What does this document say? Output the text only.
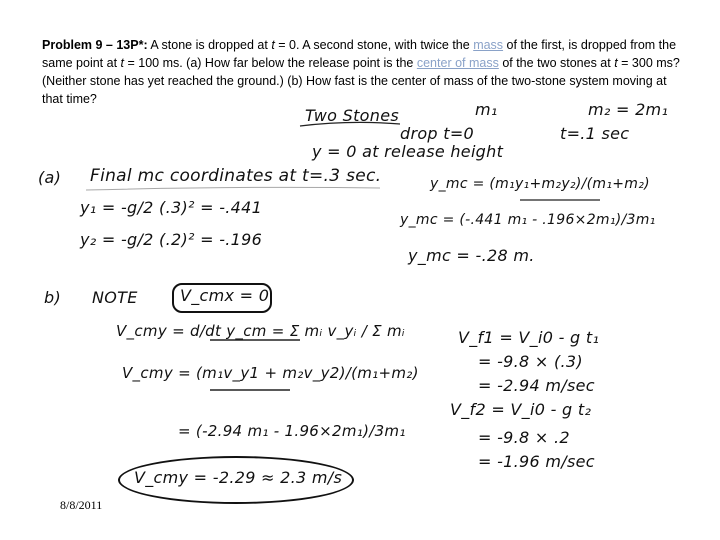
Problem 9 – 13P*: A stone is dropped at t = 0. A second stone, with twice the mass of the first, is dropped from the same point at t = 100 ms. (a) How far below the release point is the center of mass of the two stones at t = 300 ms? (Neither stone has yet reached the ground.) (b) How fast is the center of mass of the two-stone system moving at that time?
Two Stones	m₁	m₂ = 2m₁
drop t=0	t=.1 sec
y = 0 at release height
(a) Final mc coordinates at t=.3 sec.
y₁ = -g/2 (.3)² = -.441
y₂ = -g/2 (.2)² = -.196
y_mc = (m₁y₁+m₂y₂)/(m₁+m₂)
y_mc = (-.441 m₁ - .196×2m₁)/3m₁
y_mc = -.28 m.
b) NOTE	V_cmx = 0
V_cmy = d/dt y_cm = Σ mᵢ v_yᵢ / Σ mᵢ
V_cmy = (m₁v_y1 + m₂v_y2)/(m₁+m₂)
= (-2.94 m₁ - 1.96×2m₁)/3m₁
V_cmy = -2.29 ≈ 2.3 m/s
V_f1 = V_i0 - g t₁
= -9.8 × (.3)
= -2.94 m/sec
V_f2 = V_i0 - g t₂
= -9.8 × .2
= -1.96 m/sec
8/8/2011
